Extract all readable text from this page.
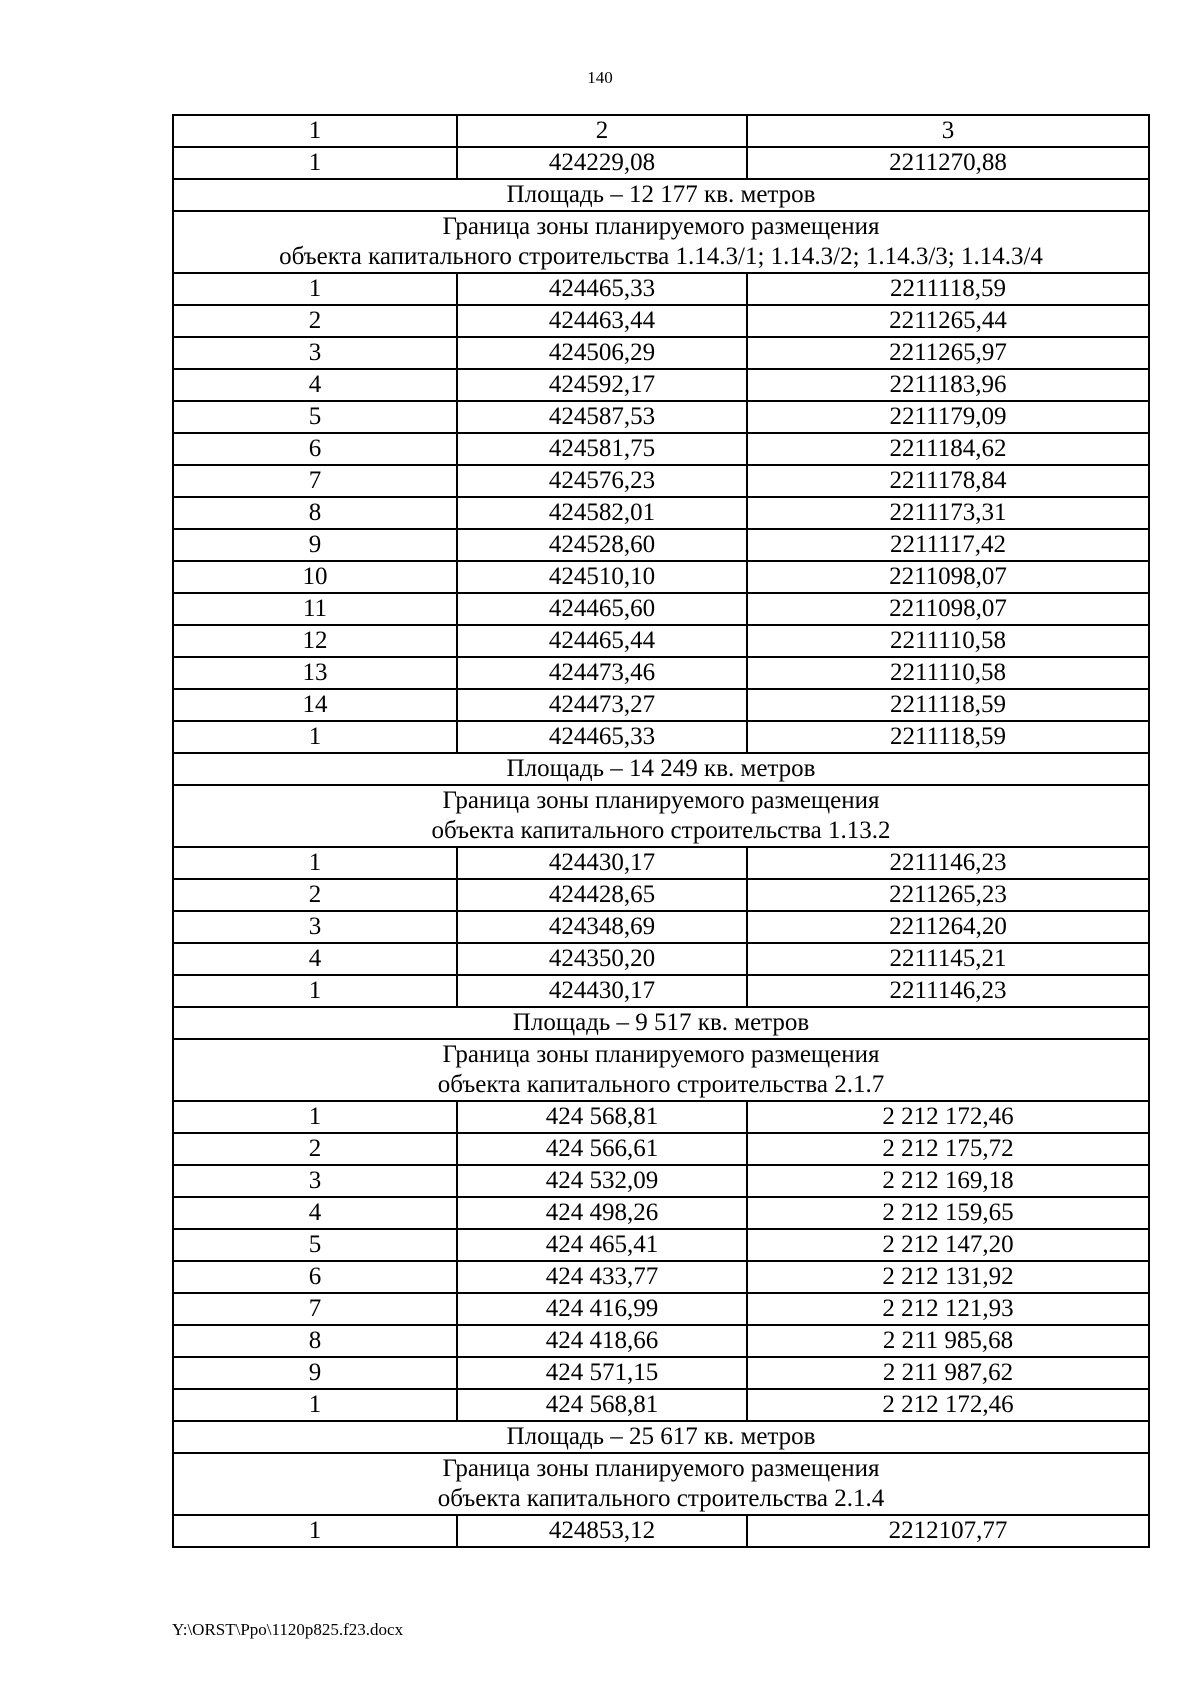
140
1	2	3
1	424229,08	2211270,88

Площадь – 12 177 кв. метров		

Граница зоны планируемого размещения
объекта капитального строительства 1.14.3/1; 1.14.3/2; 1.14.3/3; 1.14.3/4		

1	424465,33	2211118,59
2	424463,44	2211265,44
3	424506,29	2211265,97
4	424592,17	2211183,96
5	424587,53	2211179,09
6	424581,75	2211184,62
7	424576,23	2211178,84
8	424582,01	2211173,31
9	424528,60	2211117,42
10	424510,10	2211098,07
11	424465,60	2211098,07
12	424465,44	2211110,58
13	424473,46	2211110,58
14	424473,27	2211118,59
1	424465,33	2211118,59

Площадь – 14 249 кв. метров		

Граница зоны планируемого размещения
объекта капитального строительства 1.13.2		

1	424430,17	2211146,23
2	424428,65	2211265,23
3	424348,69	2211264,20
4	424350,20	2211145,21
1	424430,17	2211146,23

Площадь – 9 517 кв. метров		

Граница зоны планируемого размещения
объекта капитального строительства 2.1.7		

1	424 568,81	2 212 172,46
2	424 566,61	2 212 175,72
3	424 532,09	2 212 169,18
4	424 498,26	2 212 159,65
5	424 465,41	2 212 147,20
6	424 433,77	2 212 131,92
7	424 416,99	2 212 121,93
8	424 418,66	2 211 985,68
9	424 571,15	2 211 987,62
1	424 568,81	2 212 172,46

Площадь – 25 617 кв. метров		

Граница зоны планируемого размещения
объекта капитального строительства 2.1.4		

1	424853,12	2212107,77
Y:\ORST\Ppo\1120p825.f23.docx
